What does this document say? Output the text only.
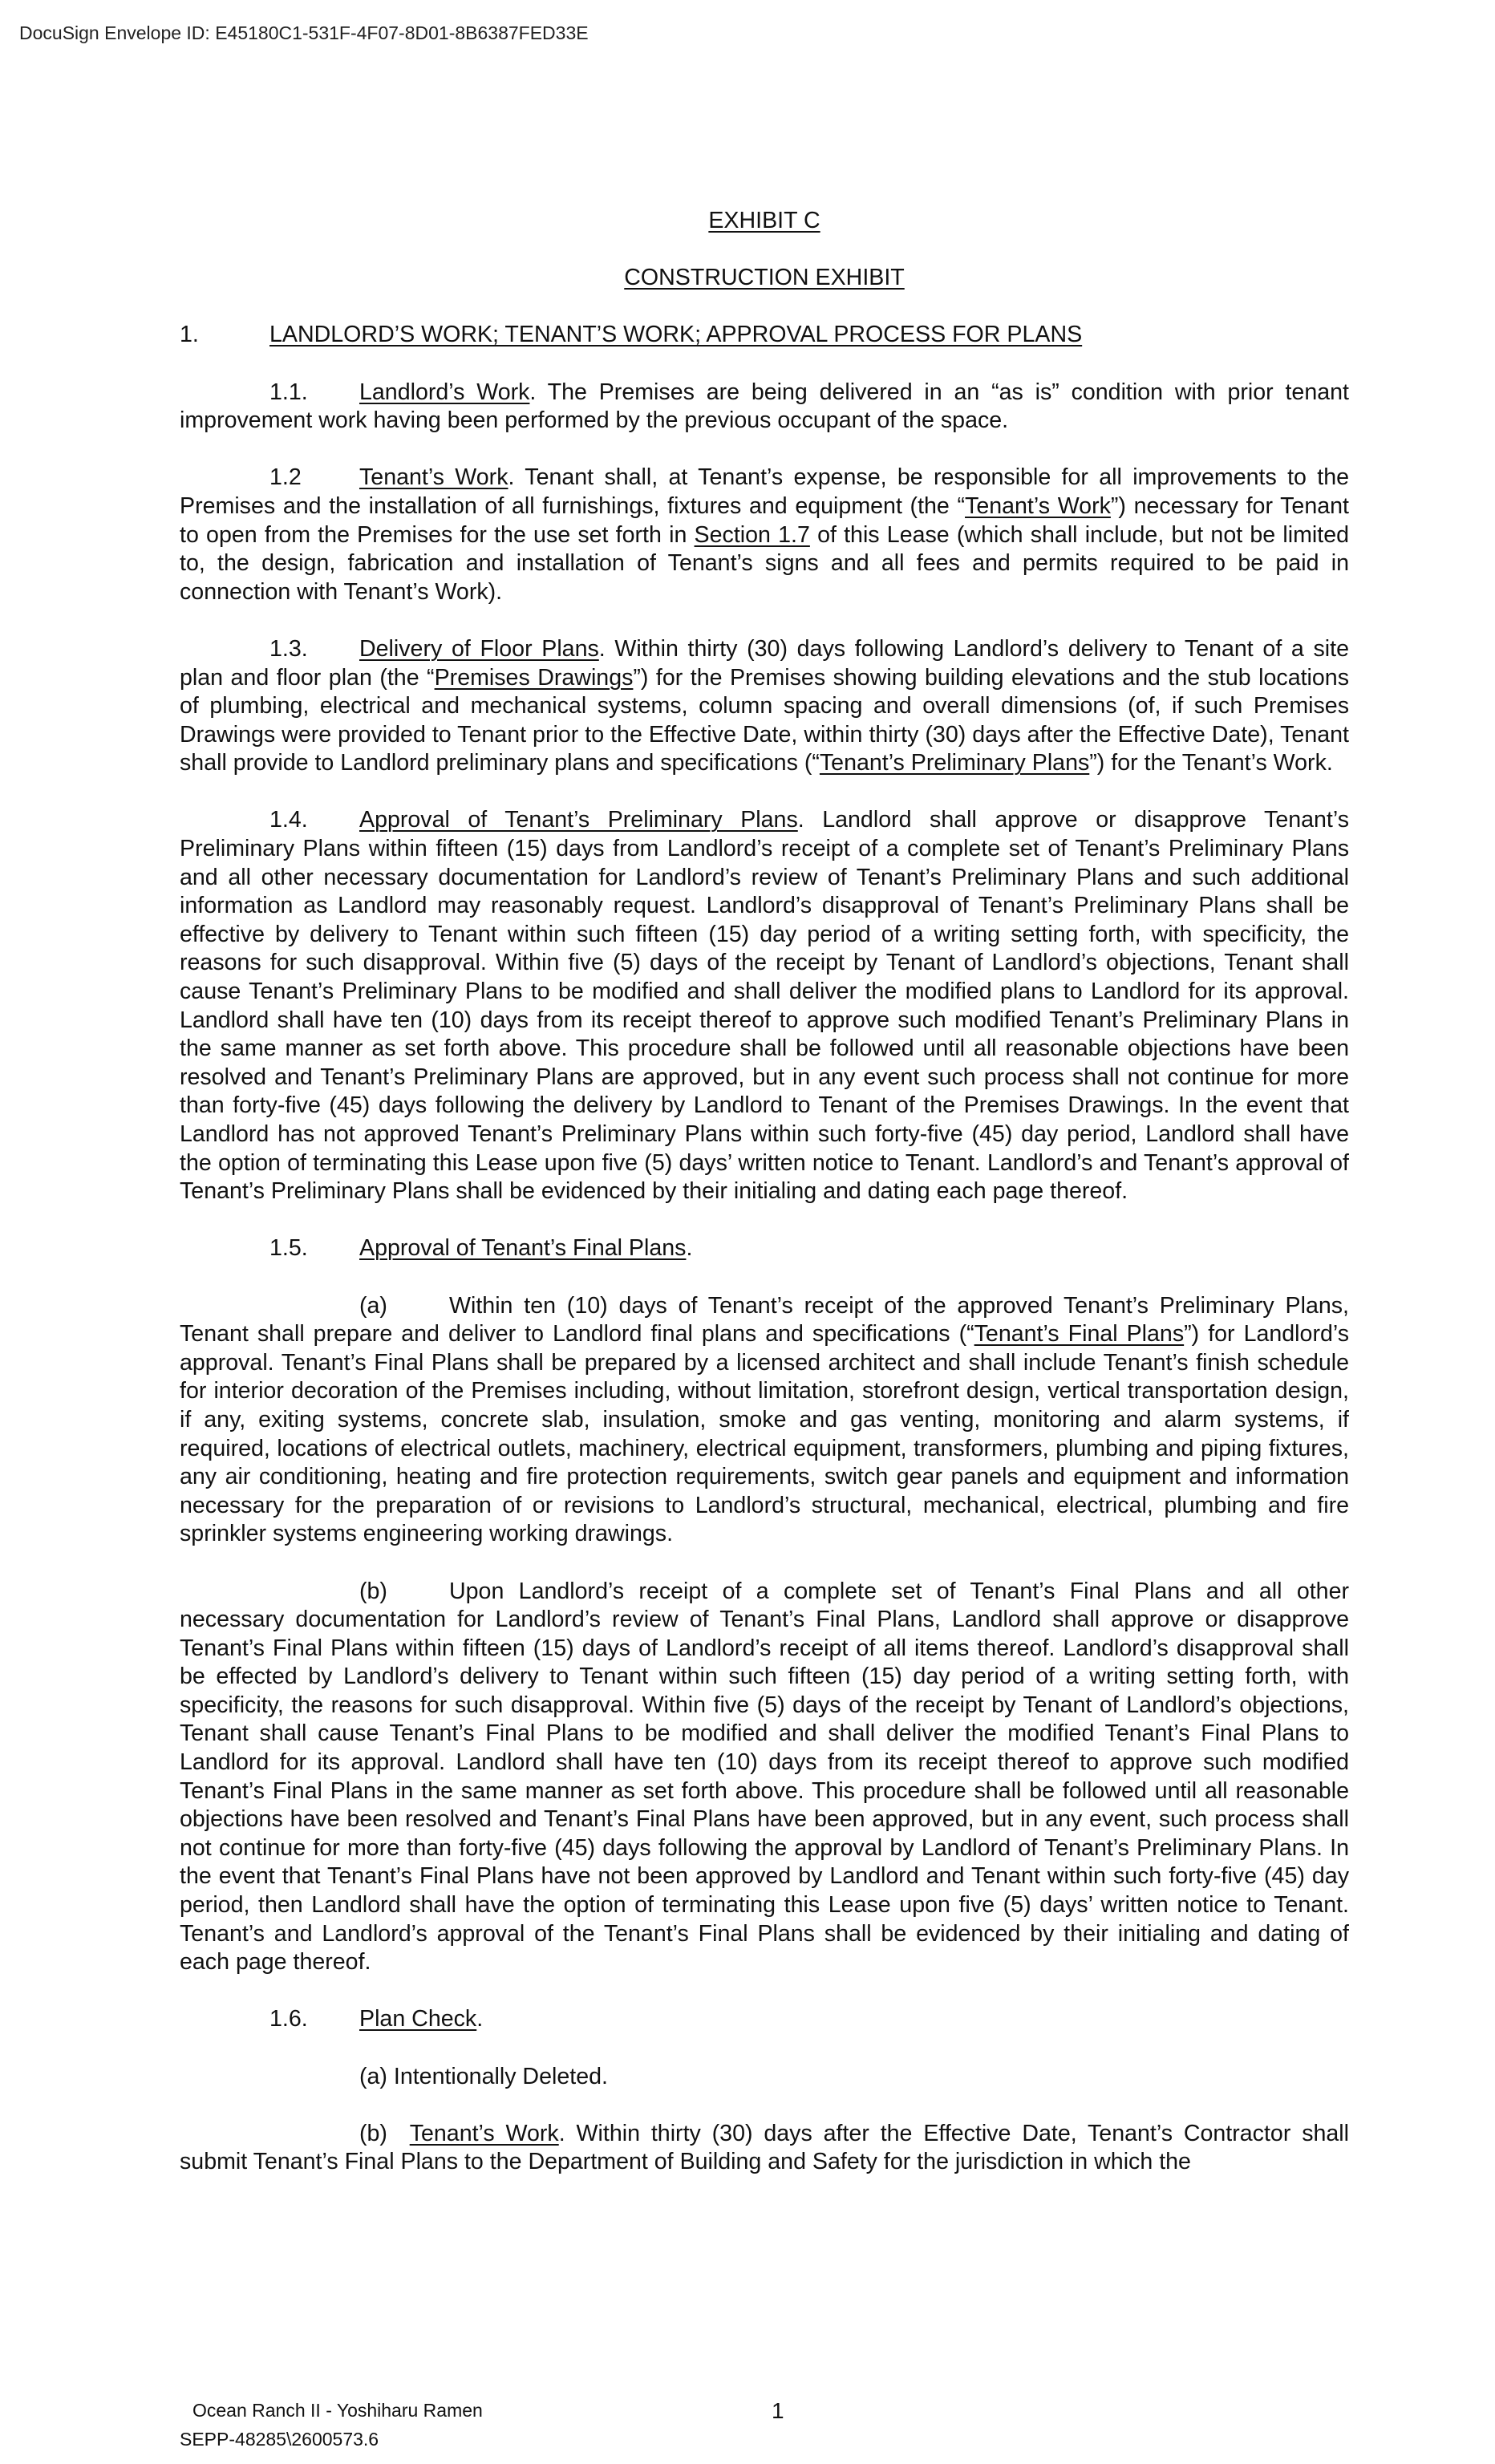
DocuSign Envelope ID: E45180C1-531F-4F07-8D01-8B6387FED33E
EXHIBIT C
CONSTRUCTION EXHIBIT
1.	LANDLORD’S WORK; TENANT’S WORK; APPROVAL PROCESS FOR PLANS

1.1. Landlord’s Work. The Premises are being delivered in an “as is” condition with prior tenant improvement work having been performed by the previous occupant of the space.

1.2	Tenant’s Work. Tenant shall, at Tenant’s expense, be responsible for all improvements to the Premises and the installation of all furnishings, fixtures and equipment (the “Tenant’s Work”) necessary for Tenant to open from the Premises for the use set forth in Section 1.7 of this Lease (which shall include, but not be limited to, the design, fabrication and installation of Tenant’s signs and all fees and permits required to be paid in connection with Tenant’s Work).

1.3. Delivery of Floor Plans. Within thirty (30) days following Landlord’s delivery to Tenant of a site plan and floor plan (the “Premises Drawings”) for the Premises showing building elevations and the stub locations of plumbing, electrical and mechanical systems, column spacing and overall dimensions (of, if such Premises Drawings were provided to Tenant prior to the Effective Date, within thirty (30) days after the Effective Date), Tenant shall provide to Landlord preliminary plans and specifications (“Tenant’s Preliminary Plans”) for the Tenant’s Work.

1.4. Approval of Tenant’s Preliminary Plans. Landlord shall approve or disapprove Tenant’s Preliminary Plans within fifteen (15) days from Landlord’s receipt of a complete set of Tenant’s Preliminary Plans and all other necessary documentation for Landlord’s review of Tenant’s Preliminary Plans and such additional information as Landlord may reasonably request. Landlord’s disapproval of Tenant’s Preliminary Plans shall be effective by delivery to Tenant within such fifteen (15) day period of a writing setting forth, with specificity, the reasons for such disapproval. Within five (5) days of the receipt by Tenant of Landlord’s objections, Tenant shall cause Tenant’s Preliminary Plans to be modified and shall deliver the modified plans to Landlord for its approval. Landlord shall have ten (10) days from its receipt thereof to approve such modified Tenant’s Preliminary Plans in the same manner as set forth above. This procedure shall be followed until all reasonable objections have been resolved and Tenant’s Preliminary Plans are approved, but in any event such process shall not continue for more than forty-five (45) days following the delivery by Landlord to Tenant of the Premises Drawings. In the event that Landlord has not approved Tenant’s Preliminary Plans within such forty-five (45) day period, Landlord shall have the option of terminating this Lease upon five (5) days’ written notice to Tenant. Landlord’s and Tenant’s approval of Tenant’s Preliminary Plans shall be evidenced by their initialing and dating each page thereof.

1.5. Approval of Tenant’s Final Plans.

(a)	Within ten (10) days of Tenant’s receipt of the approved Tenant’s Preliminary Plans, Tenant shall prepare and deliver to Landlord final plans and specifications (“Tenant’s Final Plans”) for Landlord’s approval. Tenant’s Final Plans shall be prepared by a licensed architect and shall include Tenant’s finish schedule for interior decoration of the Premises including, without limitation, storefront design, vertical transportation design, if any, exiting systems, concrete slab, insulation, smoke and gas venting, monitoring and alarm systems, if required, locations of electrical outlets, machinery, electrical equipment, transformers, plumbing and piping fixtures, any air conditioning, heating and fire protection requirements, switch gear panels and equipment and information necessary for the preparation of or revisions to Landlord’s structural, mechanical, electrical, plumbing and fire sprinkler systems engineering working drawings.

(b)	Upon Landlord’s receipt of a complete set of Tenant’s Final Plans and all other necessary documentation for Landlord’s review of Tenant’s Final Plans, Landlord shall approve or disapprove Tenant’s Final Plans within fifteen (15) days of Landlord’s receipt of all items thereof. Landlord’s disapproval shall be effected by Landlord’s delivery to Tenant within such fifteen (15) day period of a writing setting forth, with specificity, the reasons for such disapproval. Within five (5) days of the receipt by Tenant of Landlord’s objections, Tenant shall cause Tenant’s Final Plans to be modified and shall deliver the modified Tenant’s Final Plans to Landlord for its approval. Landlord shall have ten (10) days from its receipt thereof to approve such modified Tenant’s Final Plans in the same manner as set forth above. This procedure shall be followed until all reasonable objections have been resolved and Tenant’s Final Plans have been approved, but in any event, such process shall not continue for more than forty-five (45) days following the approval by Landlord of Tenant’s Preliminary Plans. In the event that Tenant’s Final Plans have not been approved by Landlord and Tenant within such forty-five (45) day period, then Landlord shall have the option of terminating this Lease upon five (5) days’ written notice to Tenant. Tenant’s and Landlord’s approval of the Tenant’s Final Plans shall be evidenced by their initialing and dating of each page thereof.

1.6. Plan Check.

(a) Intentionally Deleted.

(b) Tenant’s Work. Within thirty (30) days after the Effective Date, Tenant’s Contractor shall submit Tenant’s Final Plans to the Department of Building and Safety for the jurisdiction in which the

Ocean Ranch II - Yoshiharu Ramen
SEPP-48285\2600573.6
1
